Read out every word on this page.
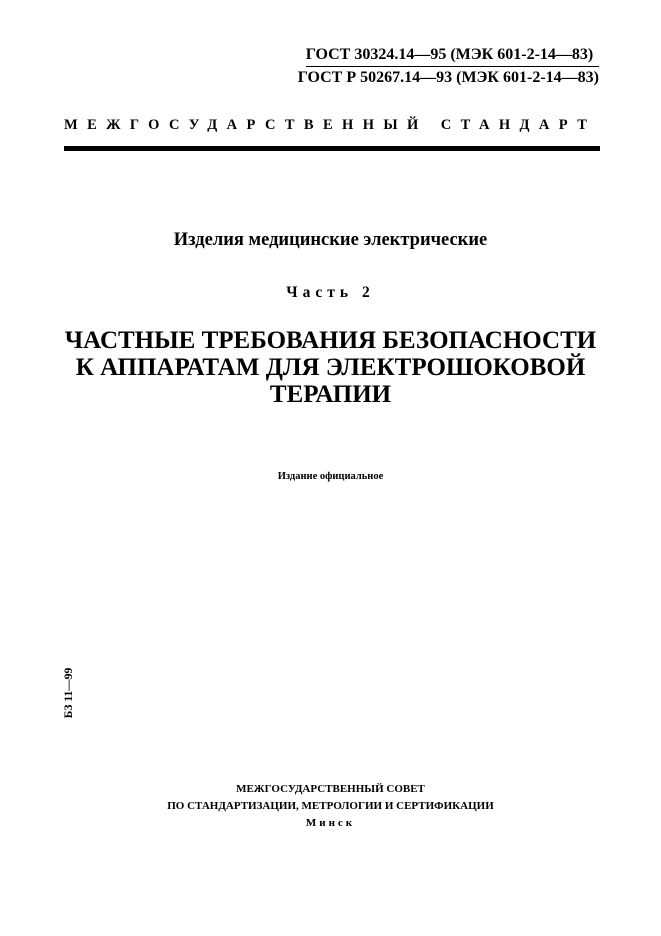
ГОСТ 30324.14—95 (МЭК 601-2-14—83)
ГОСТ Р 50267.14—93 (МЭК 601-2-14—83)
МЕЖГОСУДАРСТВЕННЫЙ СТАНДАРТ
Изделия медицинские электрические
Часть 2
ЧАСТНЫЕ ТРЕБОВАНИЯ БЕЗОПАСНОСТИ
К АППАРАТАМ ДЛЯ ЭЛЕКТРОШОКОВОЙ
ТЕРАПИИ
Издание официальное
БЗ 11—99
МЕЖГОСУДАРСТВЕННЫЙ СОВЕТ
ПО СТАНДАРТИЗАЦИИ, МЕТРОЛОГИИ И СЕРТИФИКАЦИИ
Минск
